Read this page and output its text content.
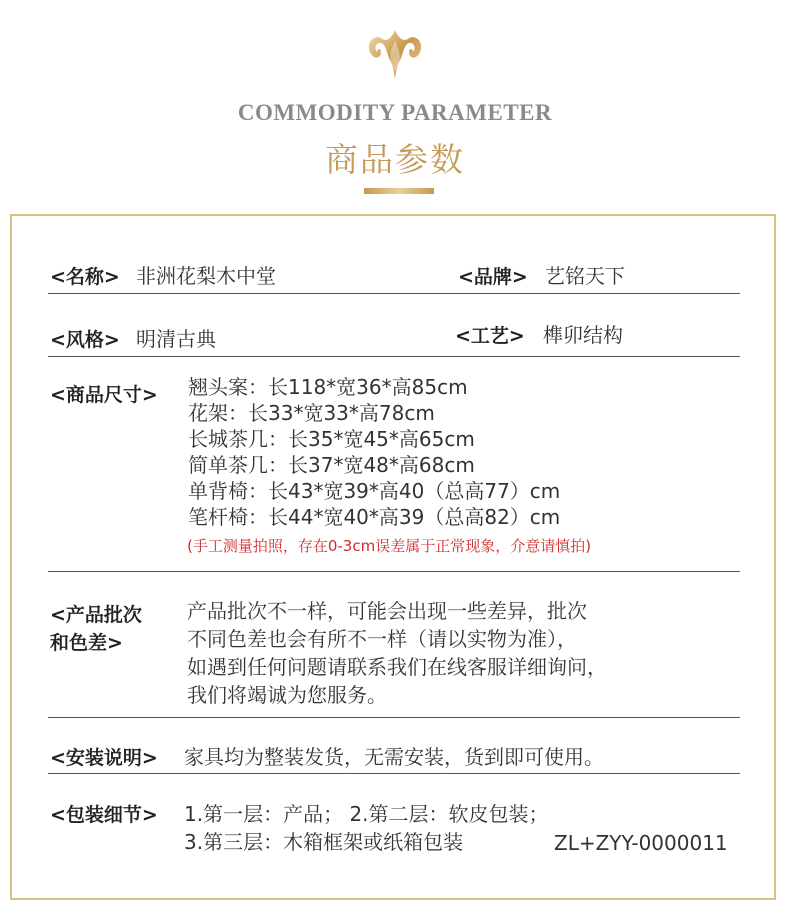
COMMODITY PARAMETER
商品参数
<名称> 非洲花梨木中堂	<品牌> 艺铭天下
<风格> 明清古典	<工艺> 榫卯结构
<商品尺寸> 翘头案：长118*宽36*高85cm
花架：长33*宽33*高78cm
长城茶几：长35*宽45*高65cm
简单茶几：长37*宽48*高68cm
单背椅：长43*宽39*高40（总高77）cm
笔杆椅：长44*宽40*高39（总高82）cm
(手工测量拍照，存在0-3cm误差属于正常现象，介意请慎拍)
<产品批次
和色差>
产品批次不一样，可能会出现一些差异，批次
不同色差也会有所不一样（请以实物为准），
如遇到任何问题请联系我们在线客服详细询问，
我们将竭诚为您服务。
<安装说明> 家具均为整装发货，无需安装，货到即可使用。
<包装细节> 1.第一层：产品； 2.第二层：软皮包装；
3.第三层：木箱框架或纸箱包装	ZL+ZYY-0000011
